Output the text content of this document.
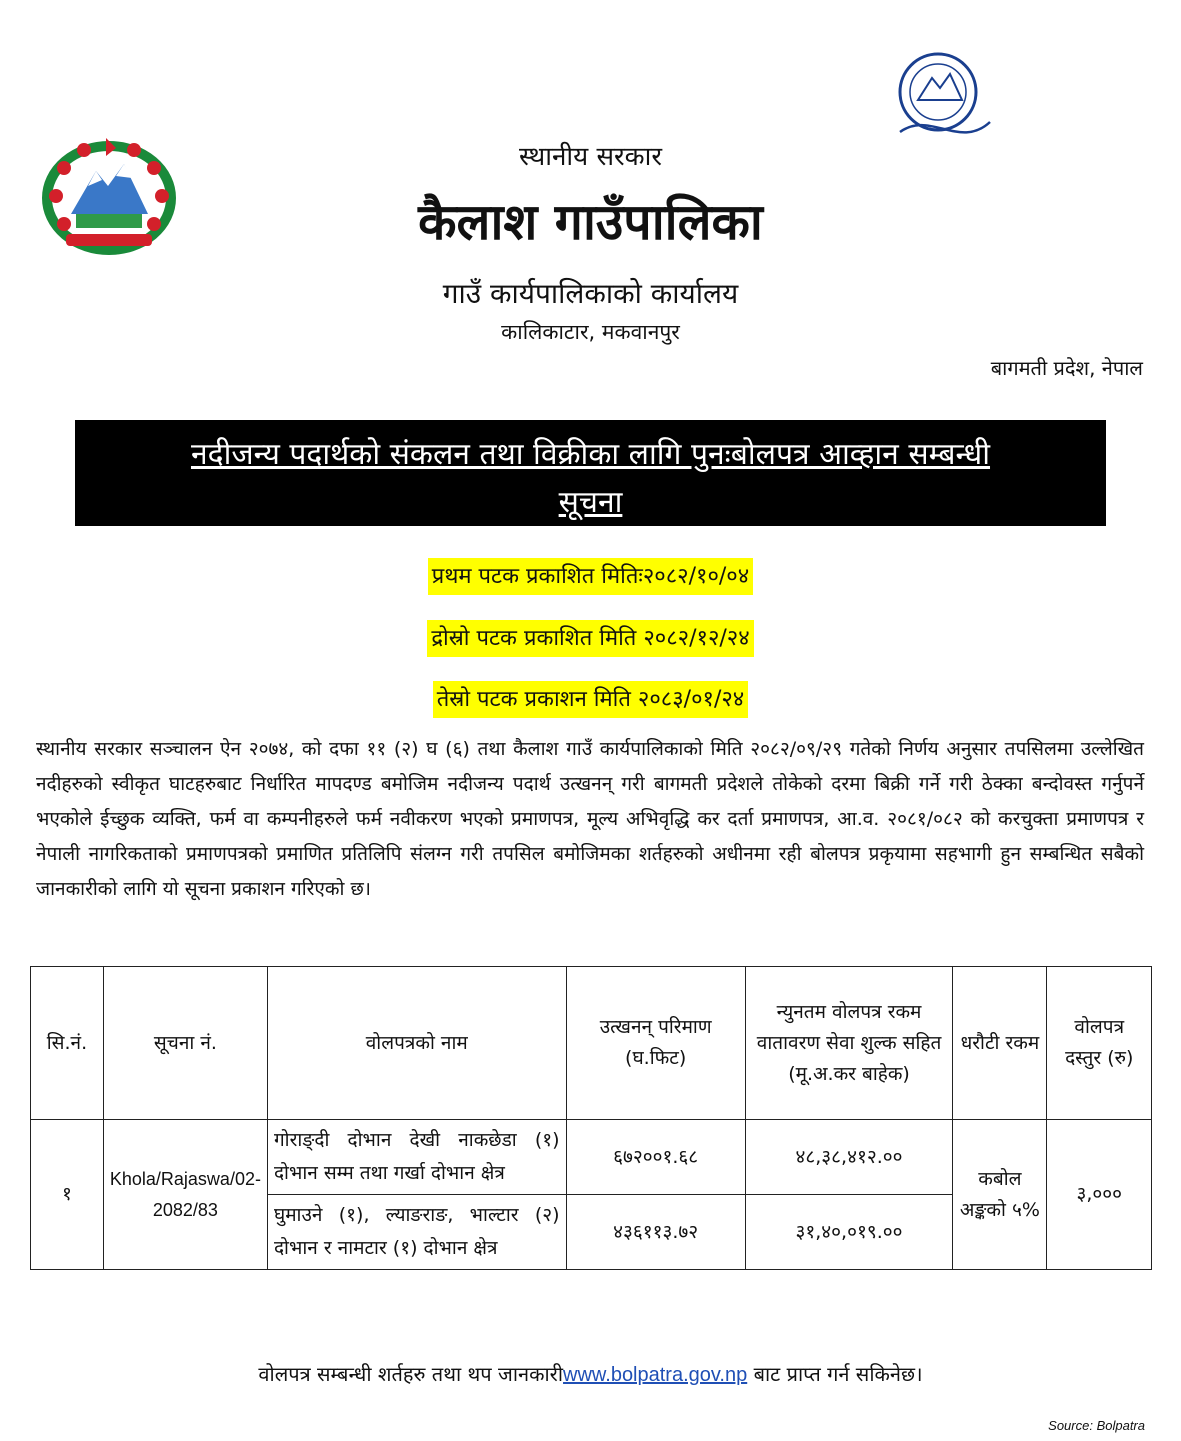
स्थानीय सरकार
कैलाश गाउँपालिका
गाउँ कार्यपालिकाको कार्यालय
कालिकाटार, मकवानपुर
बागमती प्रदेश, नेपाल
नदीजन्य पदार्थको संकलन तथा विक्रीका लागि पुनःबोलपत्र आव्हान सम्बन्धी
सूचना
प्रथम पटक प्रकाशित मितिः२०८२/१०/०४
द्रोस्रो पटक प्रकाशित मिति २०८२/१२/२४
तेस्रो पटक प्रकाशन मिति २०८३/०१/२४
स्थानीय सरकार सञ्चालन ऐन २०७४, को दफा ११ (२) घ (६) तथा कैलाश गाउँ कार्यपालिकाको मिति २०८२/०९/२९ गतेको निर्णय अनुसार तपसिलमा उल्लेखित नदीहरुको स्वीकृत घाटहरुबाट निर्धारित मापदण्ड बमोजिम नदीजन्य पदार्थ उत्खनन् गरी बागमती प्रदेशले तोकेको दरमा बिक्री गर्ने गरी ठेक्का बन्दोवस्त गर्नुपर्ने भएकोले ईच्छुक व्यक्ति, फर्म वा कम्पनीहरुले फर्म नवीकरण भएको प्रमाणपत्र, मूल्य अभिवृद्धि कर दर्ता प्रमाणपत्र, आ.व. २०८१/०८२ को करचुक्ता प्रमाणपत्र र नेपाली नागरिकताको प्रमाणपत्रको प्रमाणित प्रतिलिपि संलग्न गरी तपसिल बमोजिमका शर्तहरुको अधीनमा रही बोलपत्र प्रकृयामा सहभागी हुन सम्बन्धित सबैको जानकारीको लागि यो सूचना प्रकाशन गरिएको छ।
सि.नं.	सूचना नं.	वोलपत्रको नाम	उत्खनन् परिमाण (घ.फिट)	न्युनतम वोलपत्र रकम वातावरण सेवा शुल्क सहित (मू.अ.कर बाहेक)	धरौटी रकम	वोलपत्र दस्तुर (रु)
१	Khola/Rajaswa/02-2082/83	गोराङ्दी दोभान देखी नाकछेडा (१) दोभान सम्म तथा गर्खा दोभान क्षेत्र	६७२००१.६८	४८,३८,४१२.००	कबोल अङ्कको ५%	३,०००
		घुमाउने (१), ल्याङराङ, भाल्टार (२) दोभान र नामटार (१) दोभान क्षेत्र	४३६११३.७२	३१,४०,०१९.००		
वोलपत्र सम्बन्धी शर्तहरु तथा थप जानकारीwww.bolpatra.gov.np बाट प्राप्त गर्न सकिनेछ।
Source: Bolpatra
